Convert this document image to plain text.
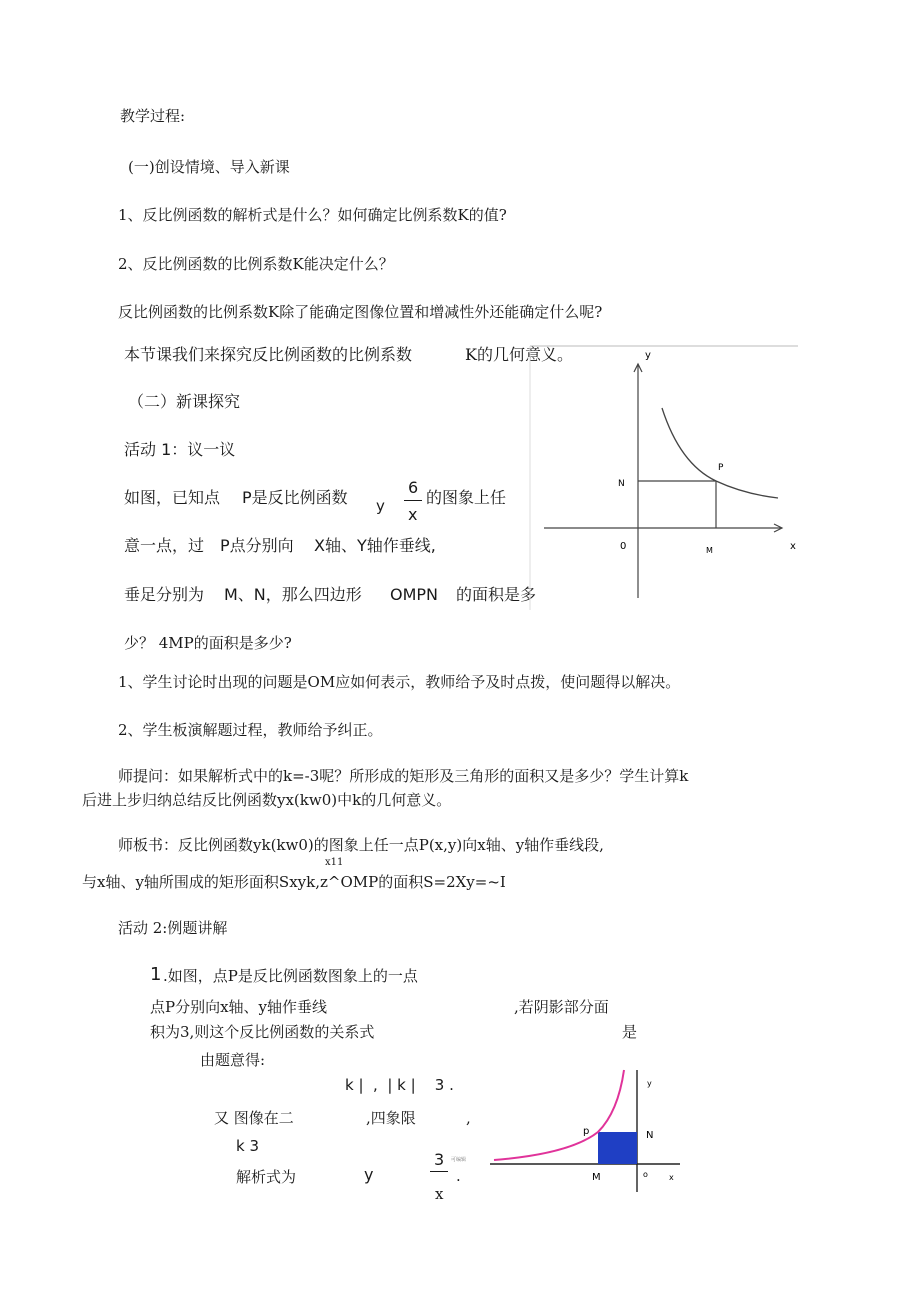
教学过程:
(一)创设情境、导入新课
1、反比例函数的解析式是什么？如何确定比例系数K的值?
2、反比例函数的比例系数K能决定什么？
反比例函数的比例系数K除了能确定图像位置和增减性外还能确定什么呢?
本节课我们来探究反比例函数的比例系数	K的几何意义。
（二）新课探究
活动 1：议一议
如图，已知点 P是反比例函数 y
6
x
的图象上任
意一点，过 P点分别向 X轴、Y轴作垂线,
垂足分别为 M、N，那么四边形 OMPN 的面积是多
少？ 4MP的面积是多少?
y
x
0
N
M
P
1、学生讨论时出现的问题是OM应如何表示，教师给予及时点拨，使问题得以解决。
2、学生板演解题过程，教师给予纠正。
师提问：如果解析式中的k=-3呢？所形成的矩形及三角形的面积又是多少？学生计算k
后进上步归纳总结反比例函数yx(kw0)中k的几何意义。
师板书：反比例函数yk(kw0)的图象上任一点P(x,y)向x轴、y轴作垂线段,
x11
与x轴、y轴所围成的矩形面积Sxyk,z^OMP的面积S=2Xy=~I
活动 2:例题讲解
1 .如图，点P是反比例函数图象上的一点
点P分别向x轴、y轴作垂线	,若阴影部分面
积为3,则这个反比例函数的关系式	是
由题意得:
k |  ,  | k |    3 .
又 图像在二	,四象限	,
k 3
解析式为	y
3 可编辑
.
x
y
x
o
N
M
p
